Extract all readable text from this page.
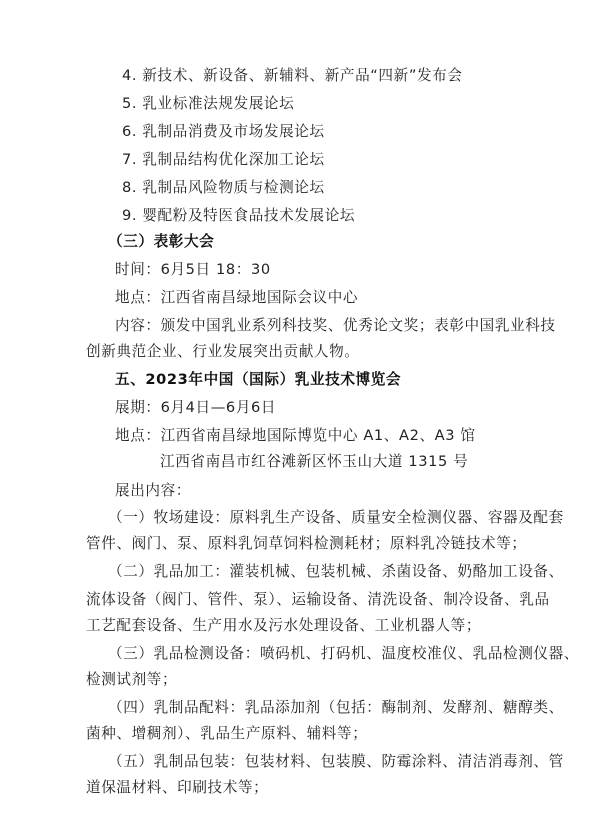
4. 新技术、新设备、新辅料、新产品“四新”发布会
5. 乳业标准法规发展论坛
6. 乳制品消费及市场发展论坛
7. 乳制品结构优化深加工论坛
8. 乳制品风险物质与检测论坛
9. 婴配粉及特医食品技术发展论坛
（三）表彰大会
时间：6月5日 18：30
地点：江西省南昌绿地国际会议中心
内容：颁发中国乳业系列科技奖、优秀论文奖；表彰中国乳业科技
创新典范企业、行业发展突出贡献人物。
五、2023年中国（国际）乳业技术博览会
展期：6月4日—6月6日
地点：江西省南昌绿地国际博览中心 A1、A2、A3 馆
江西省南昌市红谷滩新区怀玉山大道 1315 号
展出内容：
（一）牧场建设：原料乳生产设备、质量安全检测仪器、容器及配套
管件、阀门、泵、原料乳饲草饲料检测耗材；原料乳冷链技术等；
（二）乳品加工：灌装机械、包装机械、杀菌设备、奶酪加工设备、
流体设备（阀门、管件、泵）、运输设备、清洗设备、制冷设备、乳品
工艺配套设备、生产用水及污水处理设备、工业机器人等；
（三）乳品检测设备：喷码机、打码机、温度校准仪、乳品检测仪器、
检测试剂等；
（四）乳制品配料：乳品添加剂（包括：酶制剂、发酵剂、糖醇类、
菌种、增稠剂）、乳品生产原料、辅料等；
（五）乳制品包装：包装材料、包装膜、防霉涂料、清洁消毒剂、管
道保温材料、印刷技术等；
